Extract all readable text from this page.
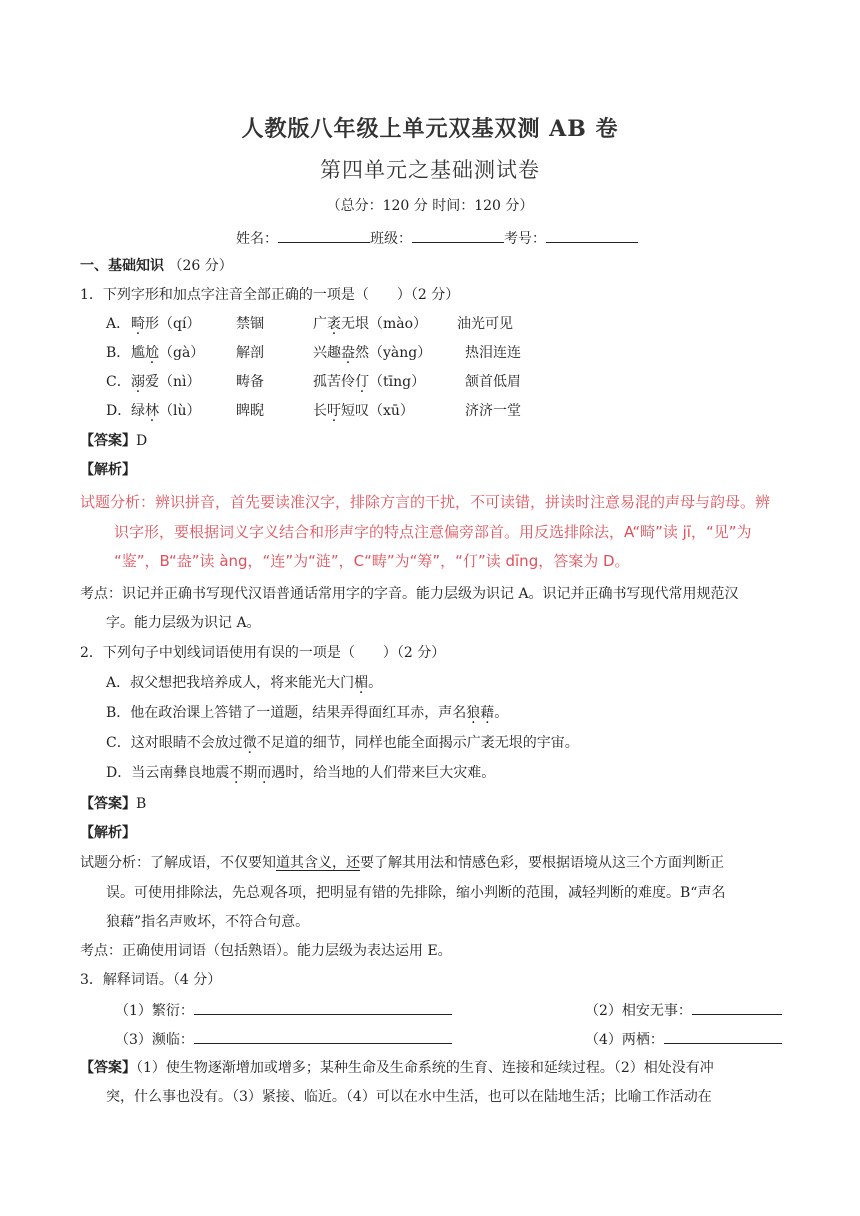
人教版八年级上单元双基双测 AB 卷
第四单元之基础测试卷
（总分：120 分 时间：120 分）
姓名：	班级：	考号：
一、基础知识 （26 分）
1．下列字形和加点字注音全部正确的一项是（　　）（2 分）
A． 畸形（qí）	禁锢	广袤无垠（mào） 油光可见
B． 尴尬（gà） 解剖	兴趣盎然（yàng） 热泪连连
C． 溺爱（nì）	畴备	孤苦伶仃（tīng）	颔首低眉
D． 绿林（lù）	睥睨	长吁短叹（xū）	济济一堂
【答案】D
【解析】
试题分析：辨识拼音，首先要读准汉字，排除方言的干扰，不可读错，拼读时注意易混的声母与韵母。辨
识字形，要根据词义字义结合和形声字的特点注意偏旁部首。用反选排除法，A“畸”读 jī，“见”为
“鉴”，B“盎”读 àng，“连”为“涟”，C“畴”为“筹”，“仃”读 dīng，答案为 D。
考点：识记并正确书写现代汉语普通话常用字的字音。能力层级为识记 A。识记并正确书写现代常用规范汉
字。能力层级为识记 A。
2．下列句子中划线词语使用有误的一项是（　　）（2 分）
A．叔父想把我培养成人，将来能光大门楣。
B．他在政治课上答错了一道题，结果弄得面红耳赤，声名狼藉。
C．这对眼睛不会放过微不足道的细节，同样也能全面揭示广袤无垠的宇宙。
D．当云南彝良地震不期而遇时，给当地的人们带来巨大灾难。
【答案】B
【解析】
试题分析：了解成语，不仅要知道其含义，还要了解其用法和情感色彩，要根据语境从这三个方面判断正
误。可使用排除法，先总观各项，把明显有错的先排除，缩小判断的范围，减轻判断的难度。B“声名
狼藉”指名声败坏，不符合句意。
考点：正确使用词语（包括熟语）。能力层级为表达运用 E。
3．解释词语。（4 分）
（1）繁衍：	（2）相安无事：
（3）濒临：	（4）两栖：
【答案】（1）使生物逐渐增加或增多；某种生命及生命系统的生育、连接和延续过程。（2）相处没有冲
突，什么事也没有。（3）紧接、临近。（4）可以在水中生活，也可以在陆地生活；比喻工作活动在
